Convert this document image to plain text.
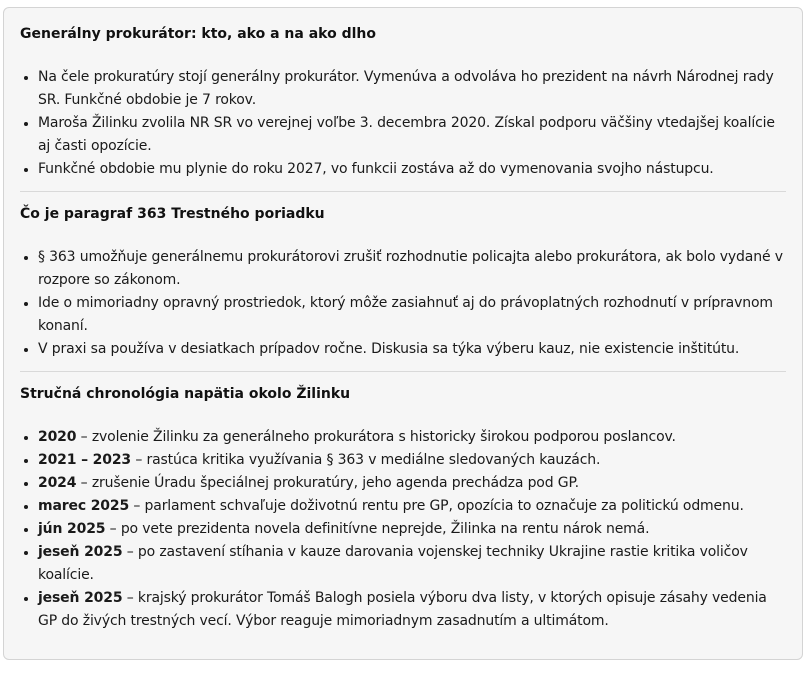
Generálny prokurátor: kto, ako a na ako dlho
• Na čele prokuratúry stojí generálny prokurátor. Vymenúva a odvoláva ho prezident na návrh Národnej rady SR. Funkčné obdobie je 7 rokov.
• Maroša Žilinku zvolila NR SR vo verejnej voľbe 3. decembra 2020. Získal podporu väčšiny vtedajšej koalície aj časti opozície.
• Funkčné obdobie mu plynie do roku 2027, vo funkcii zostáva až do vymenovania svojho nástupcu.
Čo je paragraf 363 Trestného poriadku
• § 363 umožňuje generálnemu prokurátorovi zrušiť rozhodnutie policajta alebo prokurátora, ak bolo vydané v rozpore so zákonom.
• Ide o mimoriadny opravný prostriedok, ktorý môže zasiahnuť aj do právoplatných rozhodnutí v prípravnom konaní.
• V praxi sa používa v desiatkach prípadov ročne. Diskusia sa týka výberu kauz, nie existencie inštitútu.
Stručná chronológia napätia okolo Žilinku
• 2020 – zvolenie Žilinku za generálneho prokurátora s historicky širokou podporou poslancov.
• 2021 – 2023 – rastúca kritika využívania § 363 v mediálne sledovaných kauzách.
• 2024 – zrušenie Úradu špeciálnej prokuratúry, jeho agenda prechádza pod GP.
• marec 2025 – parlament schvaľuje doživotnú rentu pre GP, opozícia to označuje za politickú odmenu.
• jún 2025 – po vete prezidenta novela definitívne neprejde, Žilinka na rentu nárok nemá.
• jeseň 2025 – po zastavení stíhania v kauze darovania vojenskej techniky Ukrajine rastie kritika voličov koalície.
• jeseň 2025 – krajský prokurátor Tomáš Balogh posiela výboru dva listy, v ktorých opisuje zásahy vedenia GP do živých trestných vecí. Výbor reaguje mimoriadnym zasadnutím a ultimátom.
